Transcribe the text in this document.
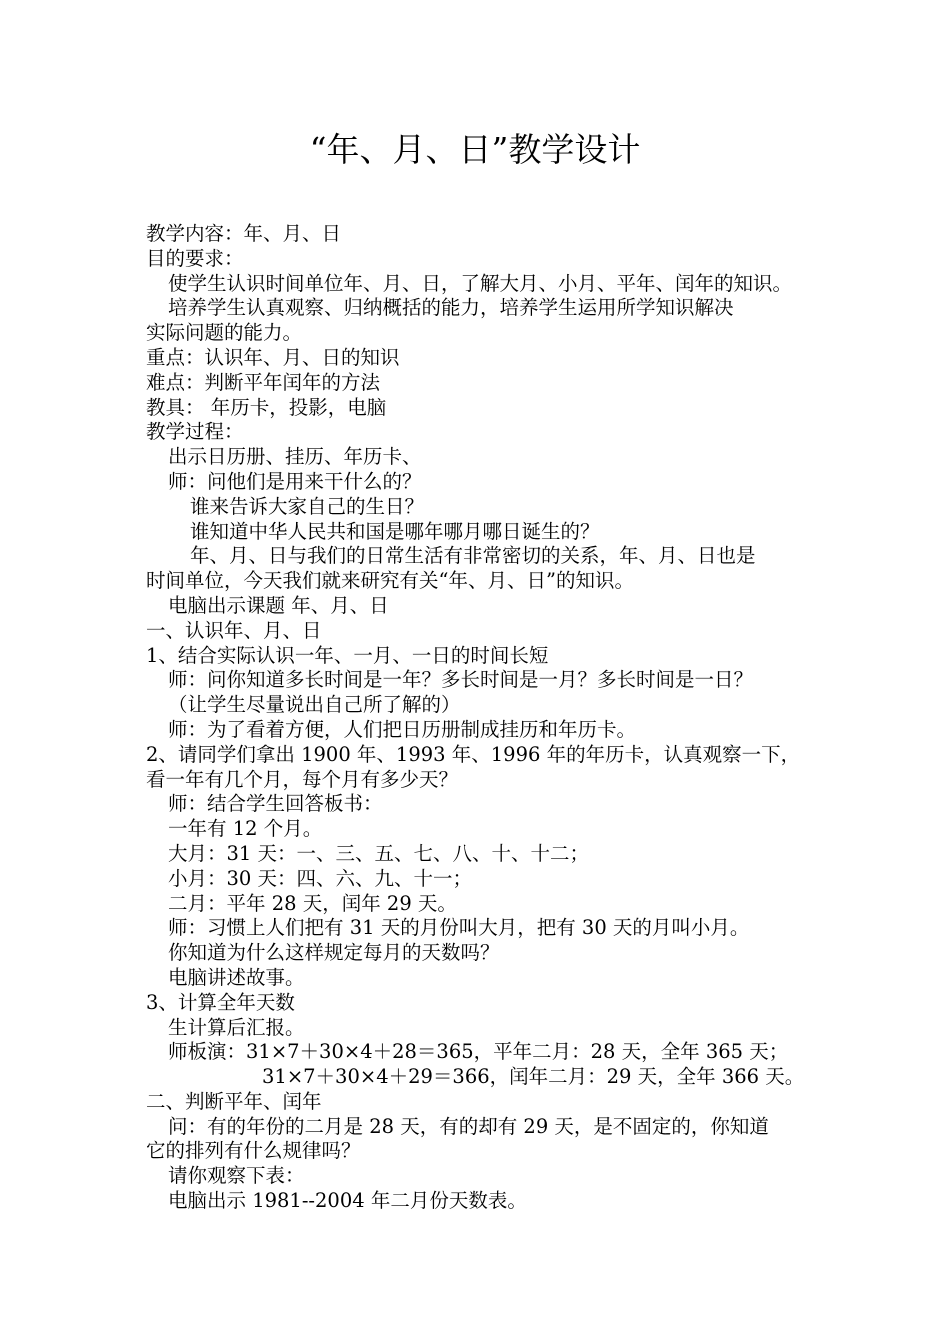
“年、月、日”教学设计
教学内容：年、月、日
目的要求：
使学生认识时间单位年、月、日，了解大月、小月、平年、闰年的知识。
培养学生认真观察、归纳概括的能力，培养学生运用所学知识解决
实际问题的能力。
重点：认识年、月、日的知识
难点：判断平年闰年的方法
教具： 年历卡，投影，电脑
教学过程：
出示日历册、挂历、年历卡、
师：问他们是用来干什么的？
谁来告诉大家自己的生日？
谁知道中华人民共和国是哪年哪月哪日诞生的？
年、月、日与我们的日常生活有非常密切的关系，年、月、日也是
时间单位，今天我们就来研究有关“年、月、日”的知识。
电脑出示课题 年、月、日
一、认识年、月、日
1、结合实际认识一年、一月、一日的时间长短
师：问你知道多长时间是一年？多长时间是一月？多长时间是一日？
（让学生尽量说出自己所了解的）
师：为了看着方便，人们把日历册制成挂历和年历卡。
2、请同学们拿出 1900 年、1993 年、1996 年的年历卡，认真观察一下，
看一年有几个月，每个月有多少天？
师：结合学生回答板书：
一年有 12 个月。
大月：31 天：一、三、五、七、八、十、十二；
小月：30 天：四、六、九、十一；
二月：平年 28 天，闰年 29 天。
师：习惯上人们把有 31 天的月份叫大月，把有 30 天的月叫小月。
你知道为什么这样规定每月的天数吗？
电脑讲述故事。
3、计算全年天数
生计算后汇报。
师板演：31×7＋30×4＋28＝365，平年二月：28 天，全年 365 天；
31×7＋30×4＋29＝366，闰年二月：29 天，全年 366 天。
二、判断平年、闰年
问：有的年份的二月是 28 天，有的却有 29 天，是不固定的，你知道
它的排列有什么规律吗？
请你观察下表：
电脑出示 1981--2004 年二月份天数表。
